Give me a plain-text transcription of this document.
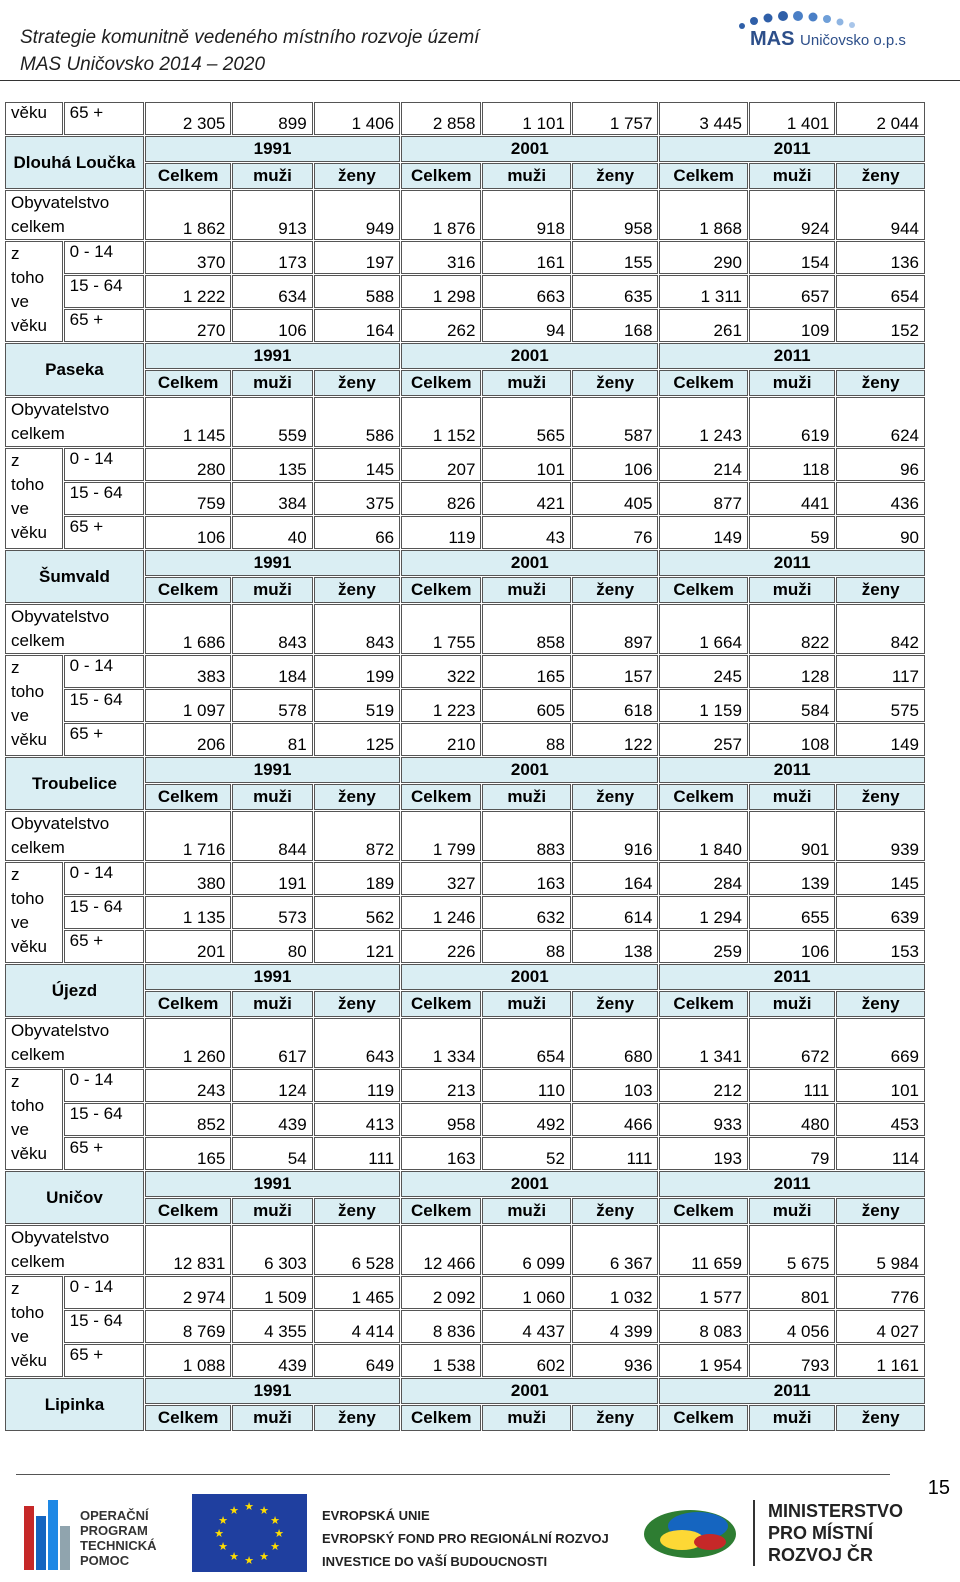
Strategie komunitně vedeného místního rozvoje území
MAS Uničovsko 2014 – 2020
MAS Uničovsko o.p.s
věku	65 +	2 305	899	1 406	2 858	1 101	1 757	3 445	1 401	2 044
Dlouhá Loučka		1991			2001			2011		
		Celkem	muži	ženy	Celkem	muži	ženy	Celkem	muži	ženy

Obyvatelstvo
celkem		1 862	913	949	1 876	918	958	1 868	924	944

z
toho
ve
věku	0 - 14	370	173	197	316	161	155	290	154	136
	15 - 64	1 222	634	588	1 298	663	635	1 311	657	654
	65 +	270	106	164	262	94	168	261	109	152
Paseka		1991			2001			2011		
		Celkem	muži	ženy	Celkem	muži	ženy	Celkem	muži	ženy

Obyvatelstvo
celkem		1 145	559	586	1 152	565	587	1 243	619	624

z
toho
ve
věku	0 - 14	280	135	145	207	101	106	214	118	96
	15 - 64	759	384	375	826	421	405	877	441	436
	65 +	106	40	66	119	43	76	149	59	90
Šumvald		1991			2001			2011		
		Celkem	muži	ženy	Celkem	muži	ženy	Celkem	muži	ženy

Obyvatelstvo
celkem		1 686	843	843	1 755	858	897	1 664	822	842

z
toho
ve
věku	0 - 14	383	184	199	322	165	157	245	128	117
	15 - 64	1 097	578	519	1 223	605	618	1 159	584	575
	65 +	206	81	125	210	88	122	257	108	149
Troubelice		1991			2001			2011		
		Celkem	muži	ženy	Celkem	muži	ženy	Celkem	muži	ženy

Obyvatelstvo
celkem		1 716	844	872	1 799	883	916	1 840	901	939

z
toho
ve
věku	0 - 14	380	191	189	327	163	164	284	139	145
	15 - 64	1 135	573	562	1 246	632	614	1 294	655	639
	65 +	201	80	121	226	88	138	259	106	153
Újezd		1991			2001			2011		
		Celkem	muži	ženy	Celkem	muži	ženy	Celkem	muži	ženy

Obyvatelstvo
celkem		1 260	617	643	1 334	654	680	1 341	672	669

z
toho
ve
věku	0 - 14	243	124	119	213	110	103	212	111	101
	15 - 64	852	439	413	958	492	466	933	480	453
	65 +	165	54	111	163	52	111	193	79	114
Uničov		1991			2001			2011		
		Celkem	muži	ženy	Celkem	muži	ženy	Celkem	muži	ženy

Obyvatelstvo
celkem		12 831	6 303	6 528	12 466	6 099	6 367	11 659	5 675	5 984

z
toho
ve
věku	0 - 14	2 974	1 509	1 465	2 092	1 060	1 032	1 577	801	776
	15 - 64	8 769	4 355	4 414	8 836	4 437	4 399	8 083	4 056	4 027
	65 +	1 088	439	649	1 538	602	936	1 954	793	1 161
Lipinka		1991			2001			2011		
		Celkem	muži	ženy	Celkem	muži	ženy	Celkem	muži	ženy
15
OPERAČNÍ
PROGRAM
TECHNICKÁ
POMOC
★ ★
★
★
★
★
★
★
★
★
★
★	EVROPSKÁ UNIE
EVROPSKÝ FOND PRO REGIONÁLNÍ ROZVOJ
INVESTICE DO VAŠÍ BUDOUCNOSTI
MINISTERSTVO
PRO MÍSTNÍ
ROZVOJ ČR
